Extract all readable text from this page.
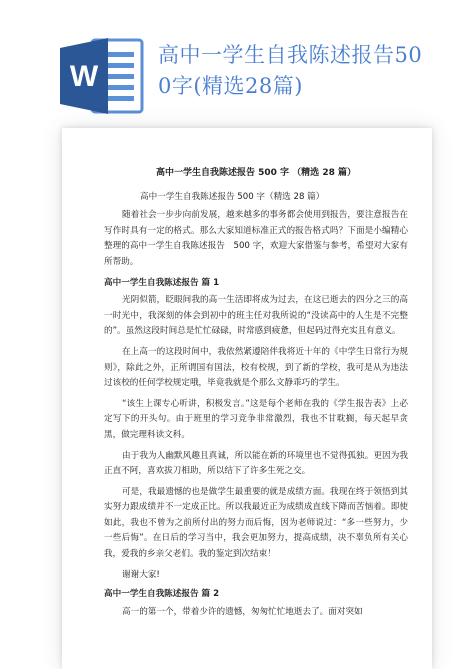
W
高中一学生自我陈述报告50
0字(精选28篇)
高中一学生自我陈述报告 500 字 （精选 28 篇）
高中一学生自我陈述报告 500 字（精选 28 篇）
随着社会一步步向前发展，越来越多的事务都会使用到报告，要注意报告在写作时具有一定的格式。那么大家知道标准正式的报告格式吗？下面是小编精心整理的高中一学生自我陈述报告　500 字，欢迎大家借鉴与参考，希望对大家有所帮助。
高中一学生自我陈述报告 篇 1
光阴似箭，眨眼间我的高一生活即将成为过去，在这已逝去的四分之三的高一时光中，我深刻的体会到初中的班主任对我所说的“没读高中的人生是不完整的”。虽然这段时间总是忙忙碌碌，时常感到疲惫，但起码过得充实且有意义。
在上高一的这段时间中，我依然紧遵陪伴我将近十年的《中学生日常行为规则》，除此之外，正所谓国有国法，校有校规，到了新的学校，我可是从为违法过该校的任何学校规定哦，毕竟我就是个那么文静乖巧的学生。
“该生上课专心听讲，积极发言。”这是每个老师在我的《学生报告表》上必定写下的开头句。由于班里的学习竞争非常激烈，我也不甘耽搁，每天起早贪黑，做完理科读文科。
由于我为人幽默风趣且真诚，所以能在新的环境里也不觉得孤独。更因为我正直不阿，喜欢拔刀相助，所以结下了许多生死之交。
可是，我最遗憾的也是做学生最重要的就是成绩方面。我现在终于领悟到其实努力跟成绩并不一定成正比。所以我最近正为成绩成直线下降而苦恼着。即使如此，我也不曾为之前所付出的努力而后悔，因为老师说过：“多一些努力，少一些后悔”。在日后的学习当中，我会更加努力，提高成绩，决不辜负所有关心我，爱我的乡亲父老们。我的鉴定到次结束！
谢谢大家!
高中一学生自我陈述报告 篇 2
高一的第一个，带着少许的遗憾，匆匆忙忙地逝去了。面对突如
